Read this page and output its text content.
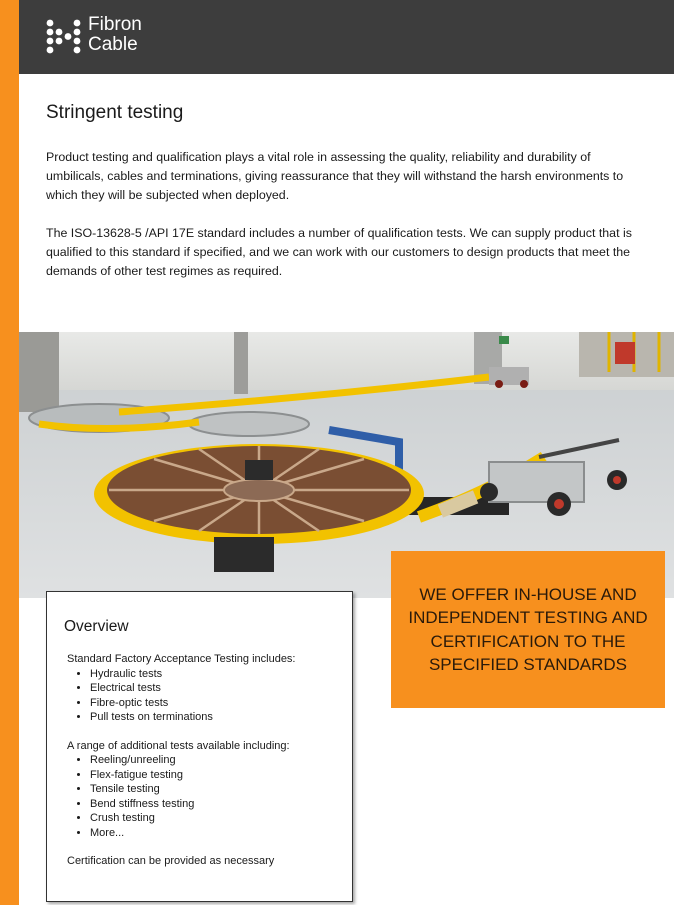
Fibron
Cable
Stringent testing

Product testing and qualification plays a vital role in assessing the quality, reliability and durability of umbilicals, cables and terminations, giving reassurance that they will withstand the harsh environments to which they will be subjected when deployed.

The ISO-13628-5 /API 17E standard includes a number of qualification tests. We can supply product that is qualified to this standard if specified, and we can work with our customers to design products that meet the demands of other test regimes as required.

WE OFFER IN-HOUSE AND INDEPENDENT TESTING AND CERTIFICATION TO THE SPECIFIED STANDARDS
Overview

Standard Factory Acceptance Testing includes:

• Hydraulic tests
• Electrical tests
• Fibre-optic tests
• Pull tests on terminations

A range of additional tests available including:

• Reeling/unreeling
• Flex-fatigue testing
• Tensile testing
• Bend stiffness testing
• Crush testing
• More...

Certification can be provided as necessary
